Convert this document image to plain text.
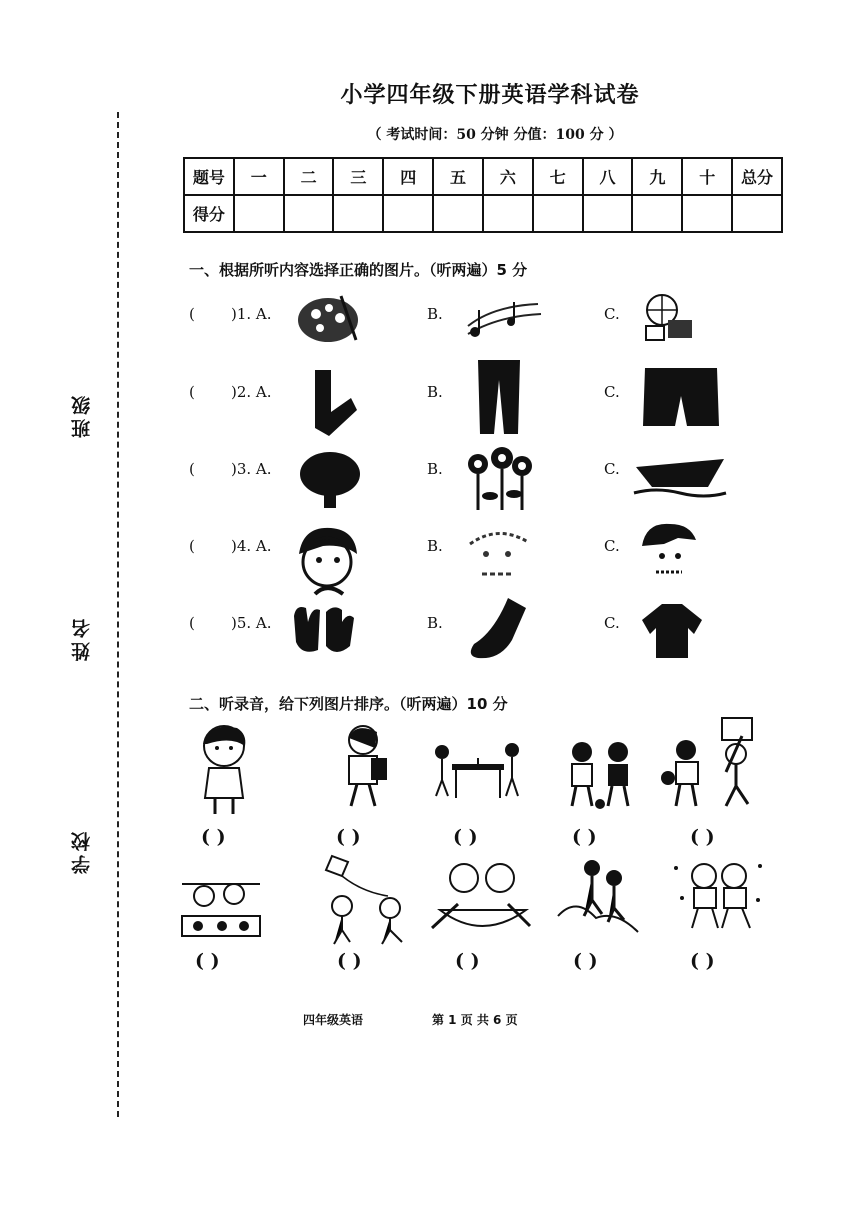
班级
姓名
学校
小学四年级下册英语学科试卷
（ 考试时间：50 分钟 分值：100 分 ）
题号	一	二	三	四	五	六	七	八	九	十	总分
得分											
一、根据所听内容选择正确的图片。（听两遍）5 分
( )1. A.	B.	C.
( )2. A.	B.	C.
( )3. A.	B.	C.
( )4. A.	B.	C.
( )5. A.	B.	C.
二、听录音，给下列图片排序。（听两遍）10 分
( )	( )	( )	( )	( )
( )	( )	( )	( )	( )
四年级英语	第 1 页 共 6 页
